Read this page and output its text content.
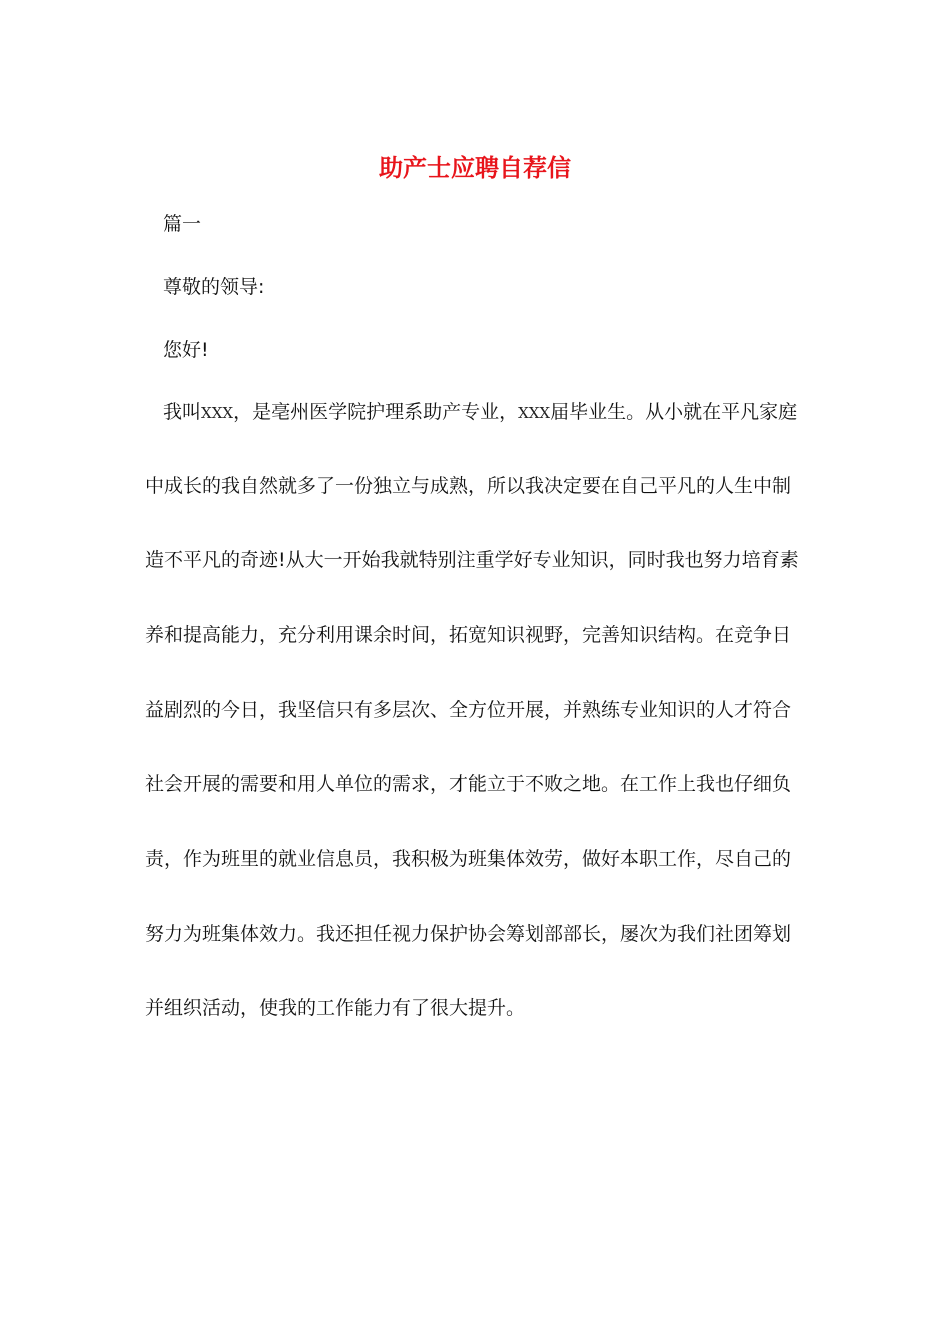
助产士应聘自荐信
篇一
尊敬的领导:
您好!
我叫XXX，是亳州医学院护理系助产专业，XXX届毕业生。从小就在平凡家庭
中成长的我自然就多了一份独立与成熟，所以我决定要在自己平凡的人生中制
造不平凡的奇迹!从大一开始我就特别注重学好专业知识，同时我也努力培育素
养和提高能力，充分利用课余时间，拓宽知识视野，完善知识结构。在竞争日
益剧烈的今日，我坚信只有多层次、全方位开展，并熟练专业知识的人才符合
社会开展的需要和用人单位的需求，才能立于不败之地。在工作上我也仔细负
责，作为班里的就业信息员，我积极为班集体效劳，做好本职工作，尽自己的
努力为班集体效力。我还担任视力保护协会筹划部部长，屡次为我们社团筹划
并组织活动，使我的工作能力有了很大提升。
